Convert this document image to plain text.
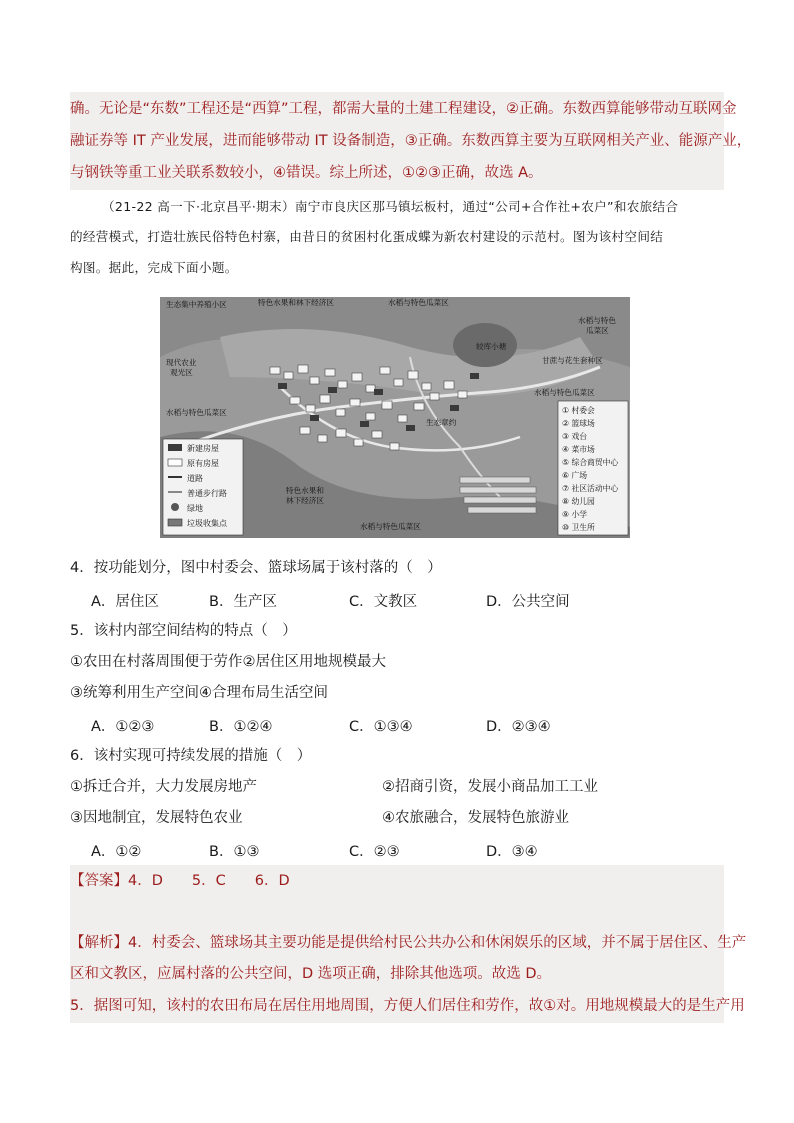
确。无论是“东数”工程还是“西算”工程，都需大量的土建工程建设，②正确。东数西算能够带动互联网金
融证券等 IT 产业发展，进而能够带动 IT 设备制造，③正确。东数西算主要为互联网相关产业、能源产业，
与钢铁等重工业关联系数较小，④错误。综上所述，①②③正确，故选 A。
（21-22 高一下·北京昌平·期末）南宁市良庆区那马镇坛板村，通过“公司+合作社+农户”和农旅结合
的经营模式，打造壮族民俗特色村寨，由昔日的贫困村化蛋成蝶为新农村建设的示范村。图为该村空间结
构图。据此，完成下面小题。
生态集中养殖小区	特色水果和林下经济区	水稻与特色瓜菜区
水稻与特色
瓜菜区
现代农业
观光区
水稻与特色瓜菜区
较库小塘
甘蔗与花生套种区
水稻与特色瓜菜区
生态章约
特色水果和
林下经济区
水稻与特色瓜菜区
新建房屋
原有房屋
道路
普通步行路
绿地
垃圾收集点
① 村委会
② 篮球场
③ 戏台
④ 菜市场
⑤ 综合商贸中心
⑥ 广场
⑦ 社区活动中心
⑧ 幼儿园
⑨ 小学
⑩ 卫生所
4．按功能划分，图中村委会、篮球场属于该村落的（　）
A．居住区	B．生产区	C．文教区	D．公共空间
5．该村内部空间结构的特点（　）
①农田在村落周围便于劳作②居住区用地规模最大
③统筹利用生产空间④合理布局生活空间
A．①②③	B．①②④	C．①③④	D．②③④
6．该村实现可持续发展的措施（　）
①拆迁合并，大力发展房地产	②招商引资，发展小商品加工工业
③因地制宜，发展特色农业	④农旅融合，发展特色旅游业
A．①②	B．①③	C．②③	D．③④
【答案】4．D　　5．C　　6．D
【解析】4．村委会、篮球场其主要功能是提供给村民公共办公和休闲娱乐的区域，并不属于居住区、生产
区和文教区，应属村落的公共空间，D 选项正确，排除其他选项。故选 D。
5．据图可知，该村的农田布局在居住用地周围，方便人们居住和劳作，故①对。用地规模最大的是生产用
